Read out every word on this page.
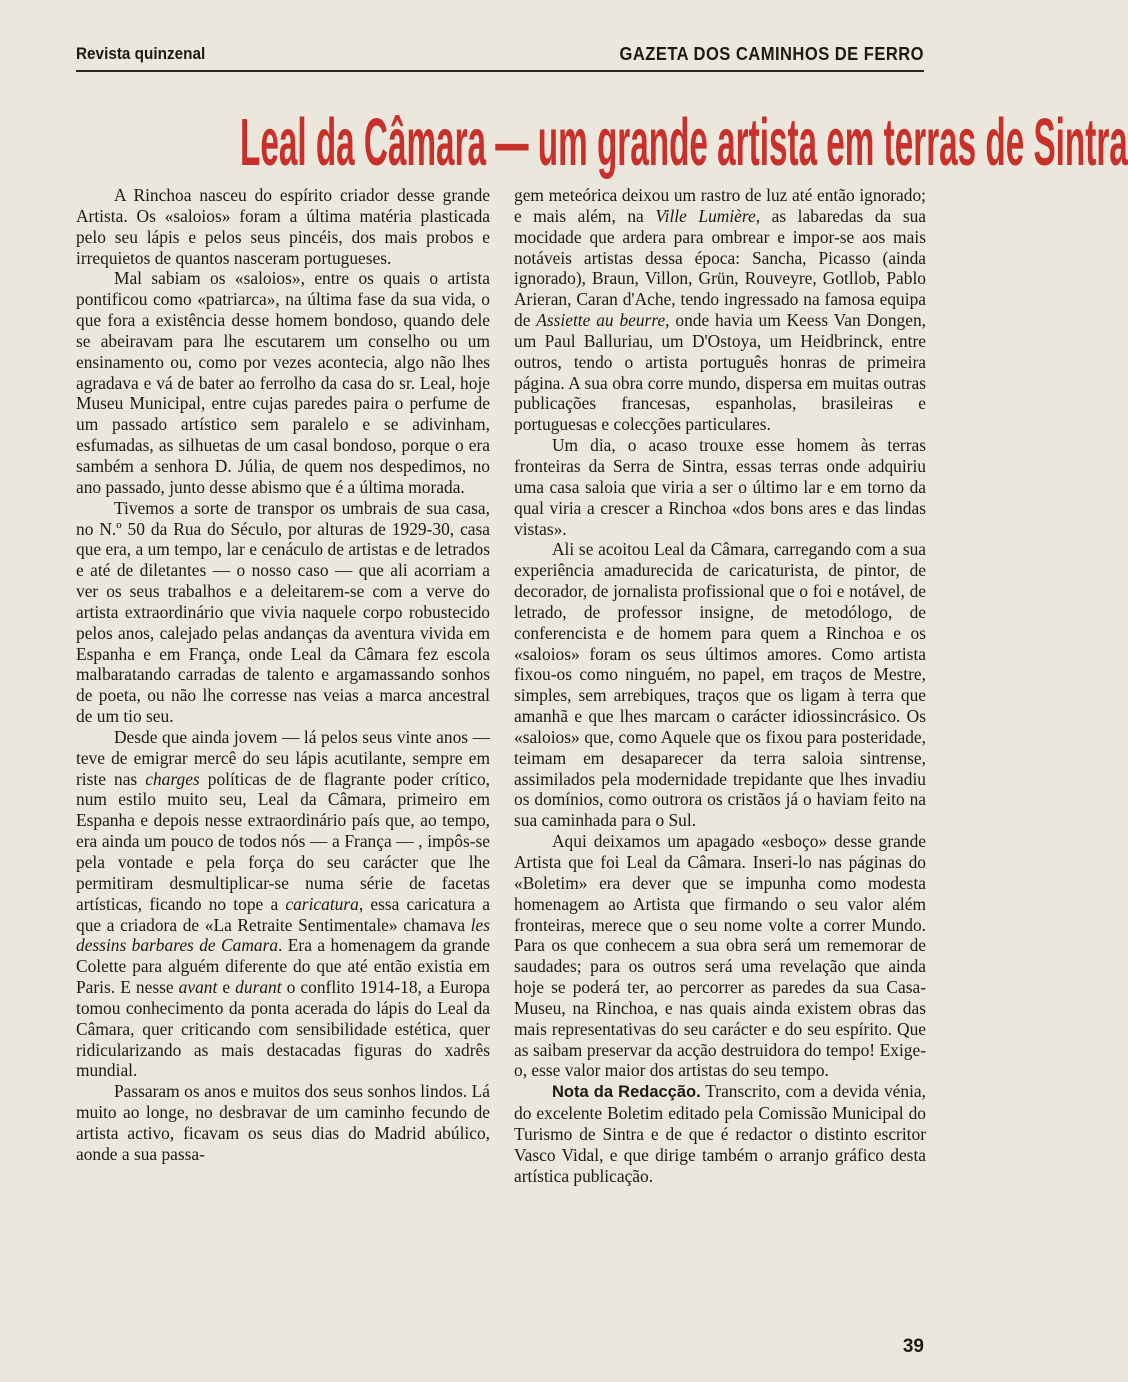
Revista quinzenal	GAZETA DOS CAMINHOS DE FERRO
Leal da Câmara — um grande artista em terras de Sintra

A Rinchoa nasceu do espírito criador desse grande Artista. Os «saloios» foram a última matéria plasticada pelo seu lápis e pelos seus pincéis, dos mais probos e irrequietos de quantos nasceram portugueses.

Mal sabiam os «saloios», entre os quais o artista pontificou como «patriarca», na última fase da sua vida, o que fora a existência desse homem bondoso, quando dele se abeiravam para lhe escutarem um conselho ou um ensinamento ou, como por vezes acontecia, algo não lhes agradava e vá de bater ao ferrolho da casa do sr. Leal, hoje Museu Municipal, entre cujas paredes paira o perfume de um passado artístico sem paralelo e se adivinham, esfumadas, as silhuetas de um casal bondoso, porque o era sambém a senhora D. Júlia, de quem nos despedimos, no ano passado, junto desse abismo que é a última morada.

Tivemos a sorte de transpor os umbrais de sua casa, no N.º 50 da Rua do Século, por alturas de 1929-30, casa que era, a um tempo, lar e cenáculo de artistas e de letrados e até de diletantes — o nosso caso — que ali acorriam a ver os seus trabalhos e a deleitarem-se com a verve do artista extraordinário que vivia naquele corpo robustecido pelos anos, calejado pelas andanças da aventura vivida em Espanha e em França, onde Leal da Câmara fez escola malbaratando carradas de talento e argamassando sonhos de poeta, ou não lhe corresse nas veias a marca ancestral de um tio seu.

Desde que ainda jovem — lá pelos seus vinte anos — teve de emigrar mercê do seu lápis acutilante, sempre em riste nas charges políticas de de flagrante poder crítico, num estilo muito seu, Leal da Câmara, primeiro em Espanha e depois nesse extraordinário país que, ao tempo, era ainda um pouco de todos nós — a França — , impôs-se pela vontade e pela força do seu carácter que lhe permitiram desmultiplicar-se numa série de facetas artísticas, ficando no tope a caricatura, essa caricatura a que a criadora de «La Retraite Sentimentale» chamava les dessins barbares de Camara. Era a homenagem da grande Colette para alguém diferente do que até então existia em Paris. E nesse avant e durant o conflito 1914-18, a Europa tomou conhecimento da ponta acerada do lápis do Leal da Câmara, quer criticando com sensibilidade estética, quer ridicularizando as mais destacadas figuras do xadrês mundial.

Passaram os anos e muitos dos seus sonhos lindos. Lá muito ao longe, no desbravar de um caminho fecundo de artista activo, ficavam os seus dias do Madrid abúlico, aonde a sua passa-

gem meteórica deixou um rastro de luz até então ignorado; e mais além, na Ville Lumière, as labaredas da sua mocidade que ardera para ombrear e impor-se aos mais notáveis artistas dessa época: Sancha, Picasso (ainda ignorado), Braun, Villon, Grün, Rouveyre, Gotllob, Pablo Arieran, Caran d'Ache, tendo ingressado na famosa equipa de Assiette au beurre, onde havia um Keess Van Dongen, um Paul Balluriau, um D'Ostoya, um Heidbrinck, entre outros, tendo o artista português honras de primeira página. A sua obra corre mundo, dispersa em muitas outras publicações francesas, espanholas, brasileiras e portuguesas e colecções particulares.

Um dia, o acaso trouxe esse homem às terras fronteiras da Serra de Sintra, essas terras onde adquiriu uma casa saloia que viria a ser o último lar e em torno da qual viria a crescer a Rinchoa «dos bons ares e das lindas vistas».

Ali se acoitou Leal da Câmara, carregando com a sua experiência amadurecida de caricaturista, de pintor, de decorador, de jornalista profissional que o foi e notável, de letrado, de professor insigne, de metodólogo, de conferencista e de homem para quem a Rinchoa e os «saloios» foram os seus últimos amores. Como artista fixou-os como ninguém, no papel, em traços de Mestre, simples, sem arrebiques, traços que os ligam à terra que amanhã e que lhes marcam o carácter idiossincrásico. Os «saloios» que, como Aquele que os fixou para posteridade, teimam em desaparecer da terra saloia sintrense, assimilados pela modernidade trepidante que lhes invadiu os domínios, como outrora os cristãos já o haviam feito na sua caminhada para o Sul.

Aqui deixamos um apagado «esboço» desse grande Artista que foi Leal da Câmara. Inseri-lo nas páginas do «Boletim» era dever que se impunha como modesta homenagem ao Artista que firmando o seu valor além fronteiras, merece que o seu nome volte a correr Mundo. Para os que conhecem a sua obra será um rememorar de saudades; para os outros será uma revelação que ainda hoje se poderá ter, ao percorrer as paredes da sua Casa-Museu, na Rinchoa, e nas quais ainda existem obras das mais representativas do seu carácter e do seu espírito. Que as saibam preservar da acção destruidora do tempo! Exige-o, esse valor maior dos artistas do seu tempo.

Nota da Redacção. Transcrito, com a devida vénia, do excelente Boletim editado pela Comissão Municipal do Turismo de Sintra e de que é redactor o distinto escritor Vasco Vidal, e que dirige também o arranjo gráfico desta artística publicação.

39
